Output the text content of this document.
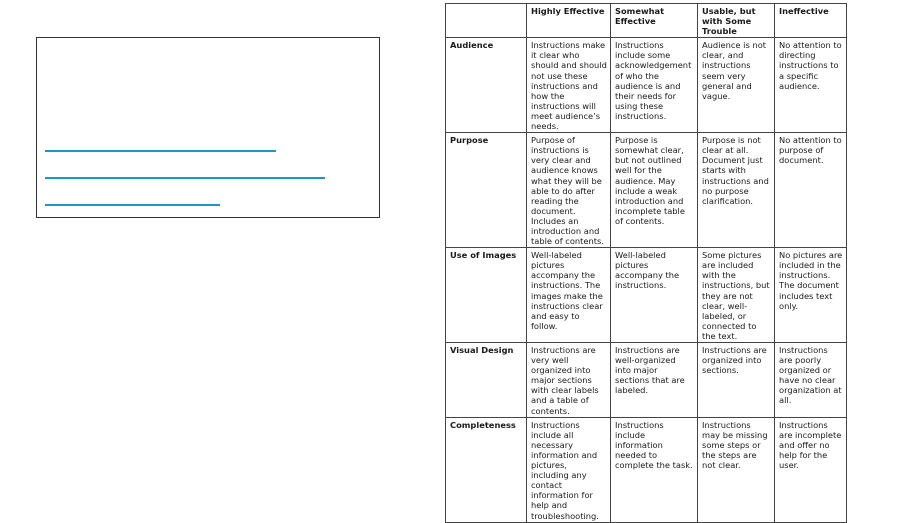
	Highly Effective	Somewhat Effective	Usable, but with Some Trouble	Ineffective
Audience	Instructions make it clear who should and should not use these instructions and how the instructions will meet audience’s needs.	Instructions include some acknowledgement of who the audience is and their needs for using these instructions.	Audience is not clear, and instructions seem very general and vague.	No attention to directing instructions to a specific audience.
Purpose	Purpose of instructions is very clear and audience knows what they will be able to do after reading the document. Includes an introduction and table of contents.	Purpose is somewhat clear, but not outlined well for the audience. May include a weak introduction and incomplete table of contents.	Purpose is not clear at all. Document just starts with instructions and no purpose clarification.	No attention to purpose of document.
Use of Images	Well-labeled pictures accompany the instructions. The images make the instructions clear and easy to follow.	Well-labeled pictures accompany the instructions.	Some pictures are included with the instructions, but they are not clear, well-labeled, or connected to the text.	No pictures are included in the instructions. The document includes text only.
Visual Design	Instructions are very well organized into major sections with clear labels and a table of contents.	Instructions are well-organized into major sections that are labeled.	Instructions are organized into sections.	Instructions are poorly organized or have no clear organization at all.
Completeness	Instructions include all necessary information and pictures, including any contact information for help and troubleshooting.	Instructions include information needed to complete the task.	Instructions may be missing some steps or the steps are not clear.	Instructions are incomplete and offer no help for the user.
